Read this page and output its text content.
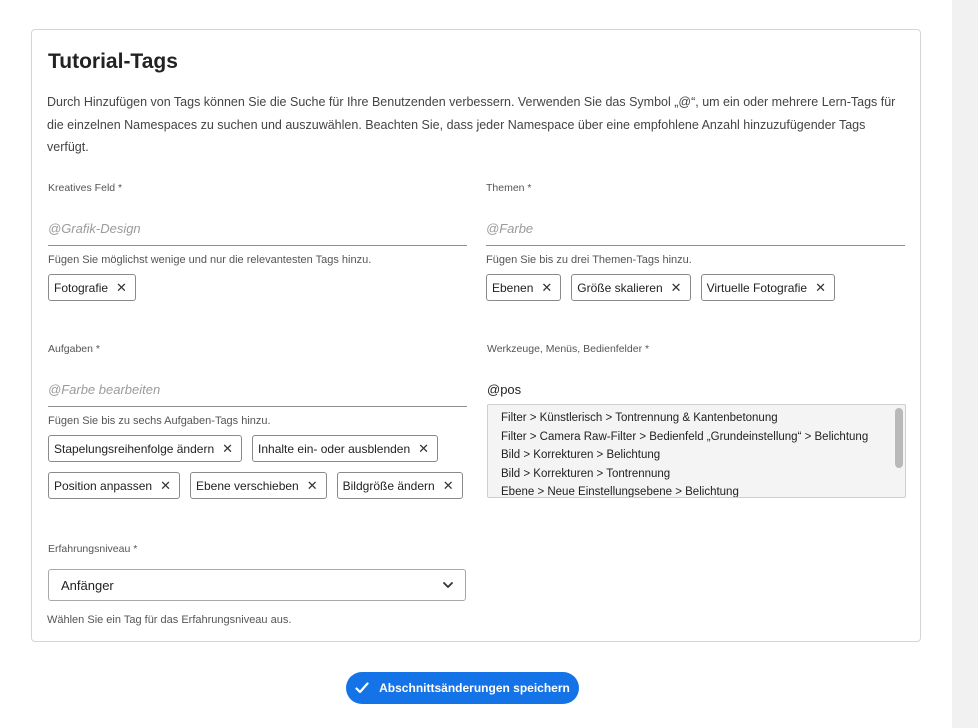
Tutorial-Tags
Durch Hinzufügen von Tags können Sie die Suche für Ihre Benutzenden verbessern. Verwenden Sie das Symbol „@“, um ein oder mehrere Lern-Tags für die einzelnen Namespaces zu suchen und auszuwählen. Beachten Sie, dass jeder Namespace über eine empfohlene Anzahl hinzuzufügender Tags verfügt.
Kreatives Feld *
@Grafik-Design
Fügen Sie möglichst wenige und nur die relevantesten Tags hinzu.
Fotografie ✕
Themen *
@Farbe
Fügen Sie bis zu drei Themen-Tags hinzu.
Ebenen ✕ Größe skalieren ✕ Virtuelle Fotografie ✕
Aufgaben *
@Farbe bearbeiten
Fügen Sie bis zu sechs Aufgaben-Tags hinzu.
Stapelungsreihenfolge ändern ✕ Inhalte ein- oder ausblenden ✕
Position anpassen ✕ Ebene verschieben ✕ Bildgröße ändern ✕
Werkzeuge, Menüs, Bedienfelder *
@pos
Filter > Künstlerisch > Tontrennung & Kantenbetonung
Filter > Camera Raw-Filter > Bedienfeld „Grundeinstellung“ > Belichtung
Bild > Korrekturen > Belichtung
Bild > Korrekturen > Tontrennung
Ebene > Neue Einstellungsebene > Belichtung
Erfahrungsniveau *
Anfänger
Wählen Sie ein Tag für das Erfahrungsniveau aus.
Abschnittsänderungen speichern
